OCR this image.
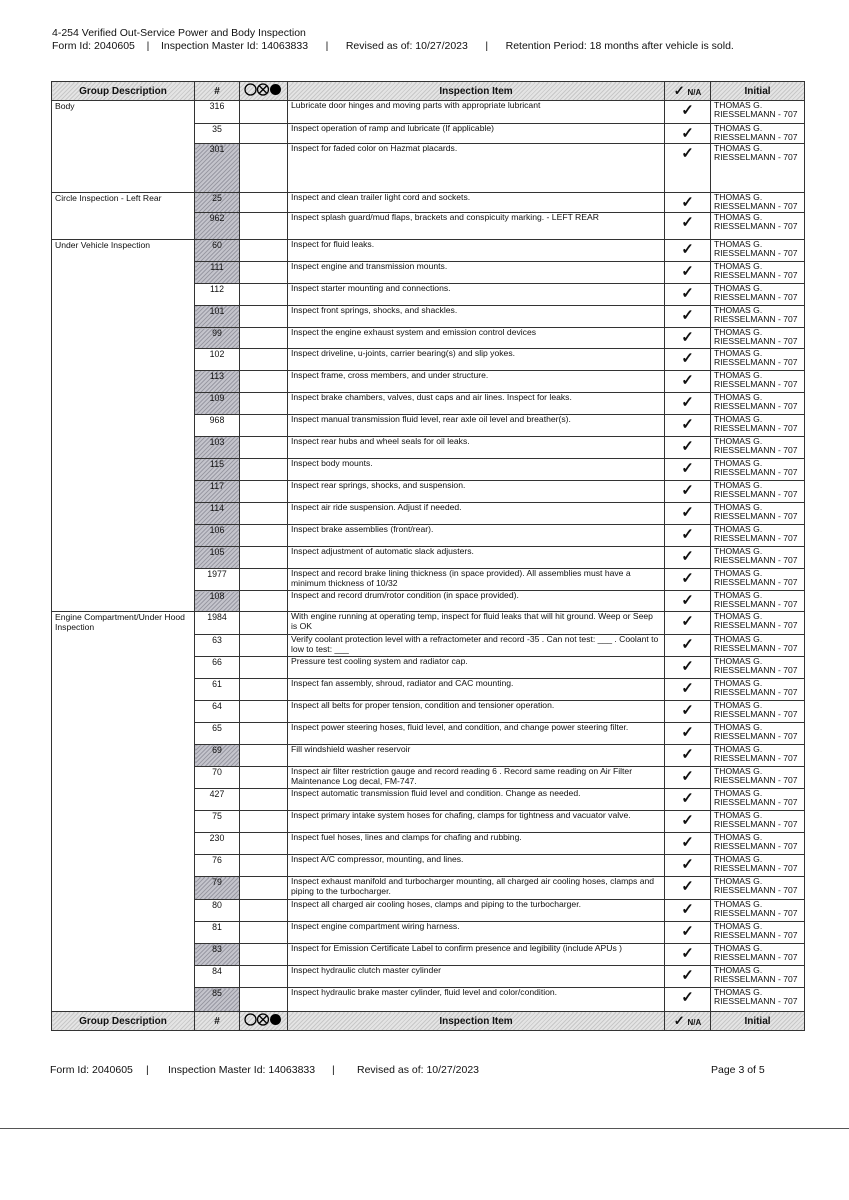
4-254 Verified Out-Service Power and Body Inspection
Form Id: 2040605 | Inspection Master Id: 14063833 | Revised as of: 10/27/2023 | Retention Period: 18 months after vehicle is sold.
Group Description	#		Inspection Item	✓ N/A	Initial
Body	316		Lubricate door hinges and moving parts with appropriate lubricant	✓	THOMAS G.
RIESSELMANN - 707

	35		Inspect operation of ramp and lubricate (If applicable)	✓	THOMAS G.
RIESSELMANN - 707

	301		Inspect for faded color on Hazmat placards.	✓	THOMAS G.
RIESSELMANN - 707

Circle Inspection - Left Rear	25		Inspect and clean trailer light cord and sockets.	✓	THOMAS G.
RIESSELMANN - 707

	962		Inspect splash guard/mud flaps, brackets and conspicuity marking. - LEFT REAR	✓	THOMAS G.
RIESSELMANN - 707

Under Vehicle Inspection	60		Inspect for fluid leaks.	✓	THOMAS G.
RIESSELMANN - 707

	111		Inspect engine and transmission mounts.	✓	THOMAS G.
RIESSELMANN - 707

	112		Inspect starter mounting and connections.	✓	THOMAS G.
RIESSELMANN - 707

	101		Inspect front springs, shocks, and shackles.	✓	THOMAS G.
RIESSELMANN - 707

	99		Inspect the engine exhaust system and emission control devices	✓	THOMAS G.
RIESSELMANN - 707

	102		Inspect driveline, u-joints, carrier bearing(s) and slip yokes.	✓	THOMAS G.
RIESSELMANN - 707

	113		Inspect frame, cross members, and under structure.	✓	THOMAS G.
RIESSELMANN - 707

	109		Inspect brake chambers, valves, dust caps and air lines. Inspect for leaks.	✓	THOMAS G.
RIESSELMANN - 707

	968		Inspect manual transmission fluid level, rear axle oil level and breather(s).	✓	THOMAS G.
RIESSELMANN - 707

	103		Inspect rear hubs and wheel seals for oil leaks.	✓	THOMAS G.
RIESSELMANN - 707

	115		Inspect body mounts.	✓	THOMAS G.
RIESSELMANN - 707

	117		Inspect rear springs, shocks, and suspension.	✓	THOMAS G.
RIESSELMANN - 707

	114		Inspect air ride suspension. Adjust if needed.	✓	THOMAS G.
RIESSELMANN - 707

	106		Inspect brake assemblies (front/rear).	✓	THOMAS G.
RIESSELMANN - 707

	105		Inspect adjustment of automatic slack adjusters.	✓	THOMAS G.
RIESSELMANN - 707

	1977		Inspect and record brake lining thickness (in space provided). All assemblies must have a minimum thickness of 10/32	✓	THOMAS G.
RIESSELMANN - 707

	108		Inspect and record drum/rotor condition (in space provided).	✓	THOMAS G.
RIESSELMANN - 707

Engine Compartment/Under Hood Inspection	1984		With engine running at operating temp, inspect for fluid leaks that will hit ground. Weep or Seep is OK	✓	THOMAS G.
RIESSELMANN - 707

	63		Verify coolant protection level with a refractometer and record -35 . Can not test: ___ . Coolant to low to test: ___	✓	THOMAS G.
RIESSELMANN - 707

	66		Pressure test cooling system and radiator cap.	✓	THOMAS G.
RIESSELMANN - 707

	61		Inspect fan assembly, shroud, radiator and CAC mounting.	✓	THOMAS G.
RIESSELMANN - 707

	64		Inspect all belts for proper tension, condition and tensioner operation.	✓	THOMAS G.
RIESSELMANN - 707

	65		Inspect power steering hoses, fluid level, and condition, and change power steering filter.	✓	THOMAS G.
RIESSELMANN - 707

	69		Fill windshield washer reservoir	✓	THOMAS G.
RIESSELMANN - 707

	70		Inspect air filter restriction gauge and record reading 6 . Record same reading on Air Filter Maintenance Log decal, FM-747.	✓	THOMAS G.
RIESSELMANN - 707

	427		Inspect automatic transmission fluid level and condition. Change as needed.	✓	THOMAS G.
RIESSELMANN - 707

	75		Inspect primary intake system hoses for chafing, clamps for tightness and vacuator valve.	✓	THOMAS G.
RIESSELMANN - 707

	230		Inspect fuel hoses, lines and clamps for chafing and rubbing.	✓	THOMAS G.
RIESSELMANN - 707

	76		Inspect A/C compressor, mounting, and lines.	✓	THOMAS G.
RIESSELMANN - 707

	79		Inspect exhaust manifold and turbocharger mounting, all charged air cooling hoses, clamps and piping to the turbocharger.	✓	THOMAS G.
RIESSELMANN - 707

	80		Inspect all charged air cooling hoses, clamps and piping to the turbocharger.	✓	THOMAS G.
RIESSELMANN - 707

	81		Inspect engine compartment wiring harness.	✓	THOMAS G.
RIESSELMANN - 707

	83		Inspect for Emission Certificate Label to confirm presence and legibility (include APUs )	✓	THOMAS G.
RIESSELMANN - 707

	84		Inspect hydraulic clutch master cylinder	✓	THOMAS G.
RIESSELMANN - 707

	85		Inspect hydraulic brake master cylinder, fluid level and color/condition.	✓	THOMAS G.
RIESSELMANN - 707

Group Description	#		Inspection Item	✓ N/A	Initial
Form Id: 2040605 | Inspection Master Id: 14063833 | Revised as of: 10/27/2023	Page 3 of 5
